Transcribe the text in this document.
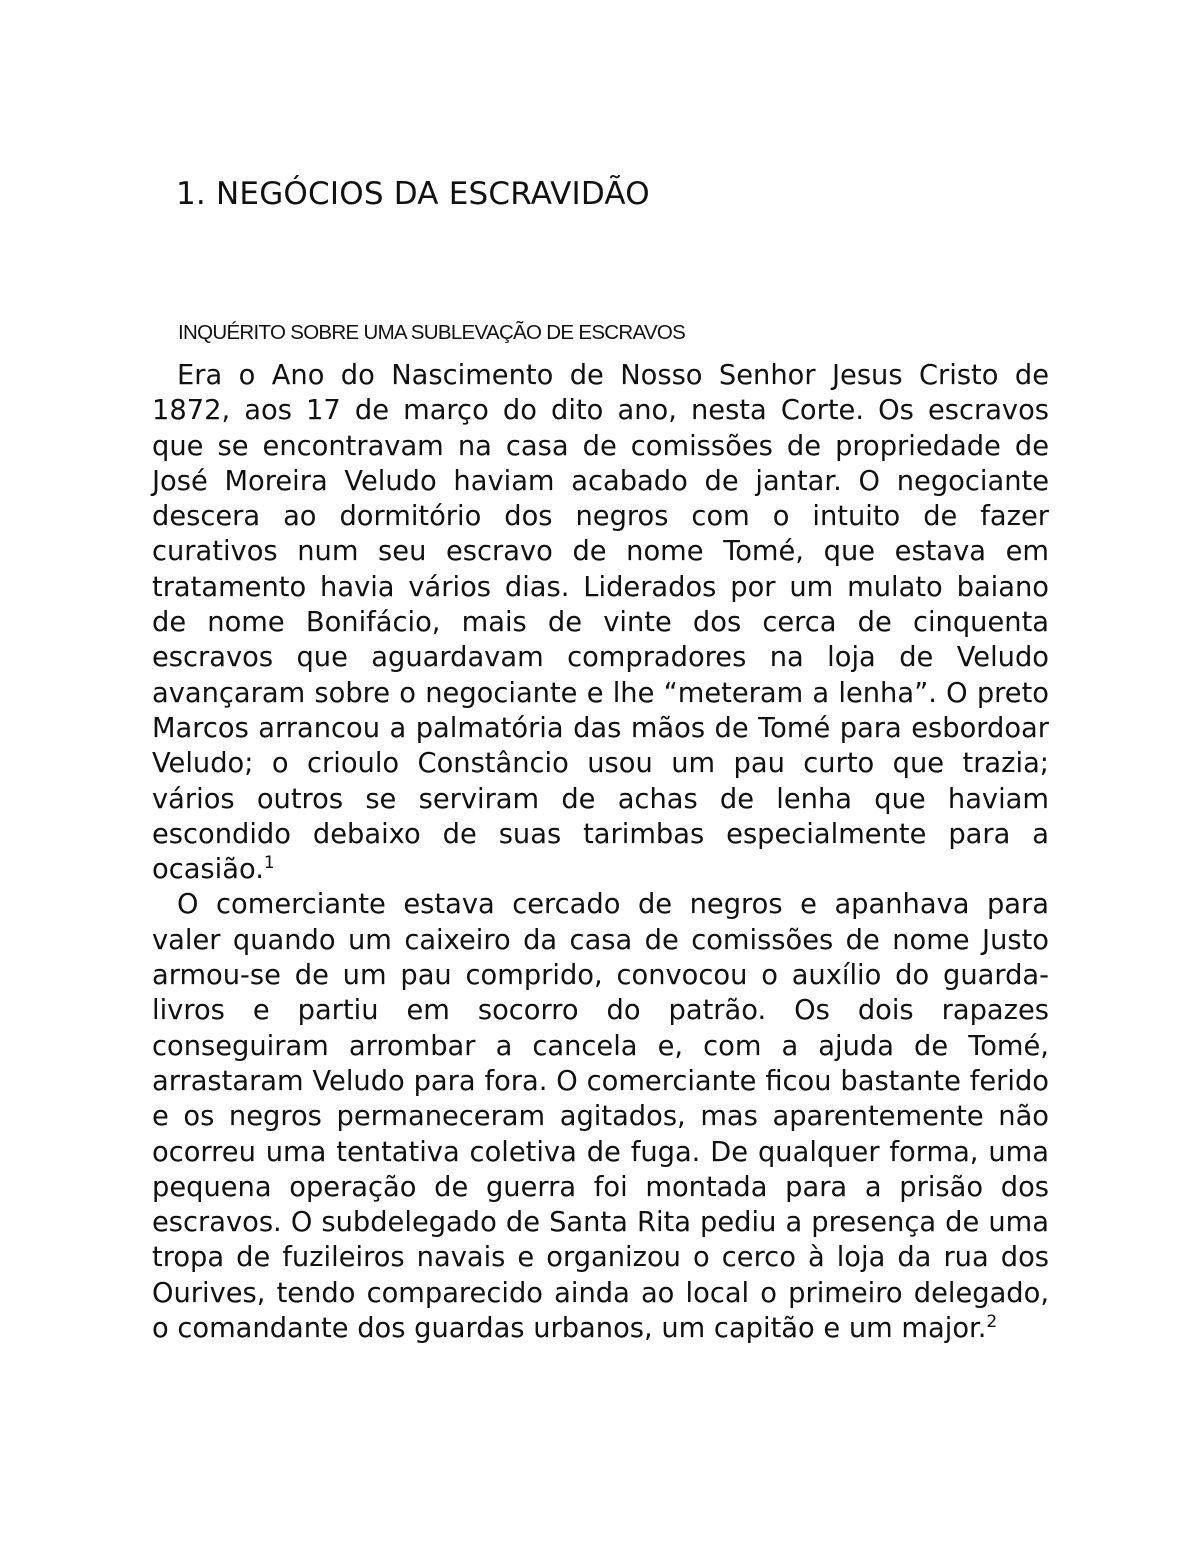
1. NEGÓCIOS DA ESCRAVIDÃO
INQUÉRITO SOBRE UMA SUBLEVAÇÃO DE ESCRAVOS

Era o Ano do Nascimento de Nosso Senhor Jesus Cristo de 1872, aos 17 de março do dito ano, nesta Corte. Os escravos que se encontravam na casa de comissões de propriedade de José Moreira Veludo haviam acabado de jantar. O negociante descera ao dormitório dos negros com o intuito de fazer curativos num seu escravo de nome Tomé, que estava em tratamento havia vários dias. Liderados por um mulato baiano de nome Bonifácio, mais de vinte dos cerca de cinquenta escravos que aguardavam compradores na loja de Veludo avançaram sobre o negociante e lhe “meteram a lenha”. O preto Marcos arrancou a palmatória das mãos de Tomé para esbordoar Veludo; o crioulo Constâncio usou um pau curto que trazia; vários outros se serviram de achas de lenha que haviam escondido debaixo de suas tarimbas especialmente para a ocasião.$^1$

O comerciante estava cercado de negros e apanhava para valer quando um caixeiro da casa de comissões de nome Justo armou-se de um pau comprido, convocou o auxílio do guarda-livros e partiu em socorro do patrão. Os dois rapazes conseguiram arrombar a cancela e, com a ajuda de Tomé, arrastaram Veludo para fora. O comerciante ficou bastante ferido e os negros permaneceram agitados, mas aparentemente não ocorreu uma tentativa coletiva de fuga. De qualquer forma, uma pequena operação de guerra foi montada para a prisão dos escravos. O subdelegado de Santa Rita pediu a presença de uma tropa de fuzileiros navais e organizou o cerco à loja da rua dos Ourives, tendo comparecido ainda ao local o primeiro delegado, o comandante dos guardas urbanos, um capitão e um major.$^2$
